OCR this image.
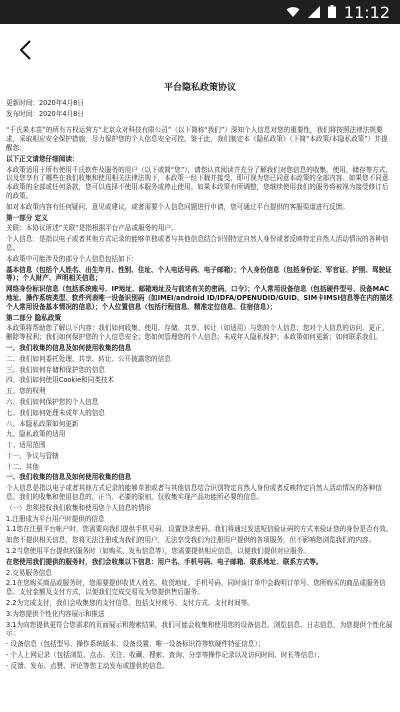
11:12
平台隐私政策协议
更新时间：2020年4月8日
发布时间：2020年4月8日
“千氏果木苗”的所有方权运营方“北京众对科技有限公司”（以下简称“我们”）深知个人信息对您的重要性，我们将按照法律法规要求，采取相应安全保护措施，尽力保护您的个人信息安全可控。鉴于此，我们制定本《隐私政策》（下简“本政策/本隐私政策”）并提醒您：
以下正文请您仔细阅读：
本政策适用于所有使用千氏软件及服务的用户（以下或简“您”），请您认真阅读并充分了解我们对您信息的收集、使用、储存等方式，以及您享有了哪些在我们收集和使用相关法律法规下，本政策一经下载并接受，即可视为您已同意本政策的全部内容。如果您不同意本政策的全部或任何条款，您可以选择不使用本服务或停止使用。如果本政策有所调整，您继续使用我们的服务将被视为接受修订后的政策。
如对本政策内容有任何疑问、意见或建议，或者需要个人信息问题进行申请，您可通过平台提供的客服渠道进行反馈。
第一部分 定义
关联：本协议所述“关联”是指根据平台产品或服务的用户。
个人信息：是指以电子或者其他方式记录的能够单独或者与其他信息结合识别特定自然人身份或者反映特定自然人活动情况的各种信息。
本政策中可能涉及的部分个人信息包括如下：
基本信息（包括个人姓名、出生年月、性别、住址、个人电话号码、电子邮箱）；个人身份信息（包括身份证、军官证、护照、驾驶证等）；个人财产、声明相关信息；
网络身份标识信息（包括系统账号、IP地址、邮箱地址及与前述有关的密码、口令）；个人常用设备信息（包括硬件型号、设备MAC地址、操作系统类型、软件列表唯一设备识别码（如IMEI/android ID/IDFA/OPENUDID/GUID、SIM卡IMSI信息等在内的描述个人常用设备基本情况的信息）；个人位置信息（包括行程信息、精准定位信息、住宿信息）；
第二部分 隐私政策
本政策将帮助您了解以下内容：我们如何收集、使用、存储、共享、转让（如适用）与您的个人信息；您对个人信息的访问、更正、删除等权利；我们如何保护您的个人信息安全；您如何管理您的个人信息；未成年人隐私保护；本政策如何更新；如何联系我们。
一、我们收集的信息及如何使用收集的信息
二、我们如何委托处理、共享、转让、公开披露您的信息
三、我们如何存储和保护您的信息
四、我们如何使用Cookie和同类技术
五、您的权利
六、我们如何保护您的个人信息
七、我们如何处理未成年人的信息
八、本隐私政策如何更新
九、隐私政策的适用
十、适用范围
十一、争议与管辖
十二、其他
一、我们收集的信息及如何使用收集的信息
个人信息是指以电子或者其他方式记录的能够单独或者与其他信息结合识别特定自然人身份或者反映特定自然人活动情况的各种信息。我们的收集和使用信息的，正当、必要的原则，仅收集实现产品功能所必要的信息。
（一）您须授权我们收集和使用您个人信息的情形
1.注册成为平台用户时提供的信息
1.1您在注册平台帐户时，您需要向我们提供手机号码、设置登录密码。我们将通过发送短信验证码的方式来验证您的身份是否有效。
如您不提供相关信息，您将无法注册成为我们的用户，无法享受我们为注册用户提供的各项服务，但不影响您浏览我们的内容。
1.2当您使用平台提供的服务时（如购买、发布信息等），您需要提供相应信息，以便我们提供对应服务。
在您使用我们提供的服务时，我们会收集以下信息：用户名、手机号码、电子邮箱、联系地址、联系方式等。
2.交易服务信息
2.1在您购买商品或服务时，您需要提供收货人姓名、收货地址、手机号码，同时该订单中会载明订单号、您所购买的商品或服务信息、支付金额及支付方式，以便我们完成交易及为您提供售后服务。
2.2为完成支付，我们会收集您的支付信息，包括支付账号、支付方式、支付时间等。
3.为您提供个性化内容展示和推送
3.1为向您提供更符合您需求的页面展示和搜索结果，我们可能会收集和使用您的设备信息、浏览信息、日志信息，为您提供个性化展示：
- 设备信息（包括型号、操作系统版本、设备设置、唯一设备标识符等软硬件特征信息）；
- 个人上网记录（包括浏览、点击、关注、收藏、搜索、查询、分享等操作记录以及访问时间、时长等信息）；
- 反馈、发布、点赞、评论等您主动发布或提供的信息。
